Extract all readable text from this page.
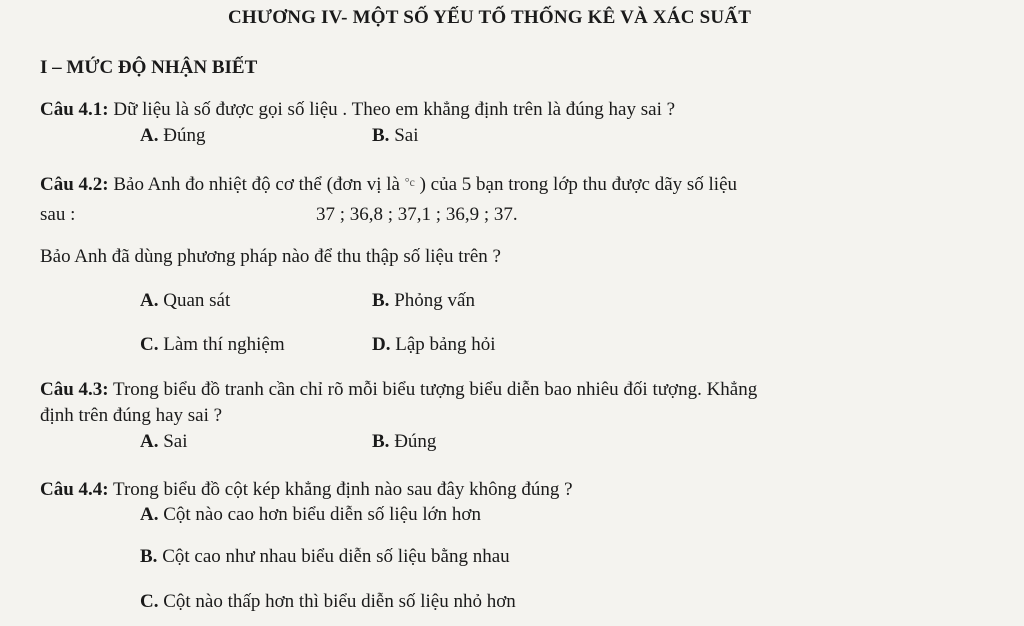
CHƯƠNG IV- MỘT SỐ YẾU TỐ THỐNG KÊ VÀ XÁC SUẤT
I – MỨC ĐỘ NHẬN BIẾT
Câu 4.1: Dữ liệu là số được gọi số liệu . Theo em khẳng định trên là đúng hay sai ?
A. Đúng	B. Sai
Câu 4.2: Bảo Anh đo nhiệt độ cơ thể (đơn vị là $^{^\circ c}$ ) của 5 bạn trong lớp thu được dãy số liệu
sau :	37 ; 36,8 ; 37,1 ; 36,9 ; 37.
Bảo Anh đã dùng phương pháp nào để thu thập số liệu trên ?
A. Quan sát	B. Phỏng vấn
C. Làm thí nghiệm	D. Lập bảng hỏi
Câu 4.3: Trong biểu đồ tranh cần chỉ rõ mỗi biểu tượng biểu diễn bao nhiêu đối tượng. Khẳng
định trên đúng hay sai ?
A. Sai	B. Đúng
Câu 4.4: Trong biểu đồ cột kép khẳng định nào sau đây không đúng ?
A. Cột nào cao hơn biểu diễn số liệu lớn hơn
B. Cột cao như nhau biểu diễn số liệu bằng nhau
C. Cột nào thấp hơn thì biểu diễn số liệu nhỏ hơn
